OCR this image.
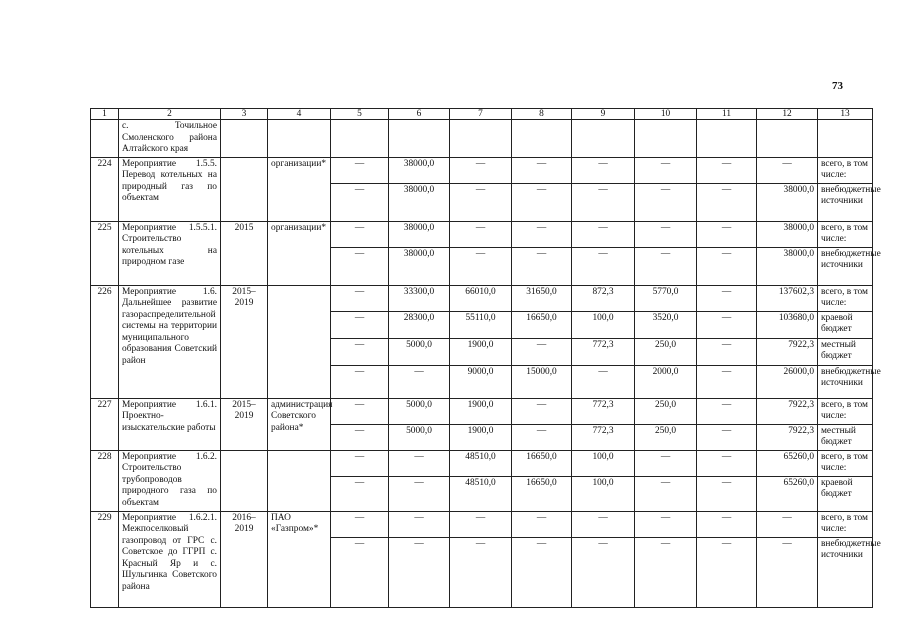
73
1	2	3	4	5	6	7	8	9	10	11	12	13
	с. Точильное Смоленского района Алтайского края											
224	Мероприятие 1.5.5. Перевод котельных на природный газ по объектам		организации*	—	38000,0	—	—	—	—	—	—	всего, в том числе:
				—	38000,0	—	—	—	—	—	38000,0	внебюджетные источники
225	Мероприятие 1.5.5.1. Строительство котельных на природном газе	2015	организации*	—	38000,0	—	—	—	—	—	38000,0	всего, в том числе:
				—	38000,0	—	—	—	—	—	38000,0	внебюджетные источники
226	Мероприятие 1.6. Дальнейшее развитие газораспределительной системы на территории муниципального образования Советский район	2015–2019		—	33300,0	66010,0	31650,0	872,3	5770,0	—	137602,3	всего, в том числе:
				—	28300,0	55110,0	16650,0	100,0	3520,0	—	103680,0	краевой бюджет
				—	5000,0	1900,0	—	772,3	250,0	—	7922,3	местный бюджет
				—	—	9000,0	15000,0	—	2000,0	—	26000,0	внебюджетные источники
227	Мероприятие 1.6.1. Проектно-изыскательские работы	2015–2019	администрация Советского района*	—	5000,0	1900,0	—	772,3	250,0	—	7922,3	всего, в том числе:
				—	5000,0	1900,0	—	772,3	250,0	—	7922,3	местный бюджет
228	Мероприятие 1.6.2. Строительство трубопроводов природного газа по объектам			—	—	48510,0	16650,0	100,0	—	—	65260,0	всего, в том числе:
				—	—	48510,0	16650,0	100,0	—	—	65260,0	краевой бюджет
229	Мероприятие 1.6.2.1. Межпоселковый газопровод от ГРС с. Советское до ГГРП с. Красный Яр и с. Шульгинка Советского района	2016–2019	ПАО «Газпром»*	—	—	—	—	—	—	—	—	всего, в том числе:
				—	—	—	—	—	—	—	—	внебюджетные источники
